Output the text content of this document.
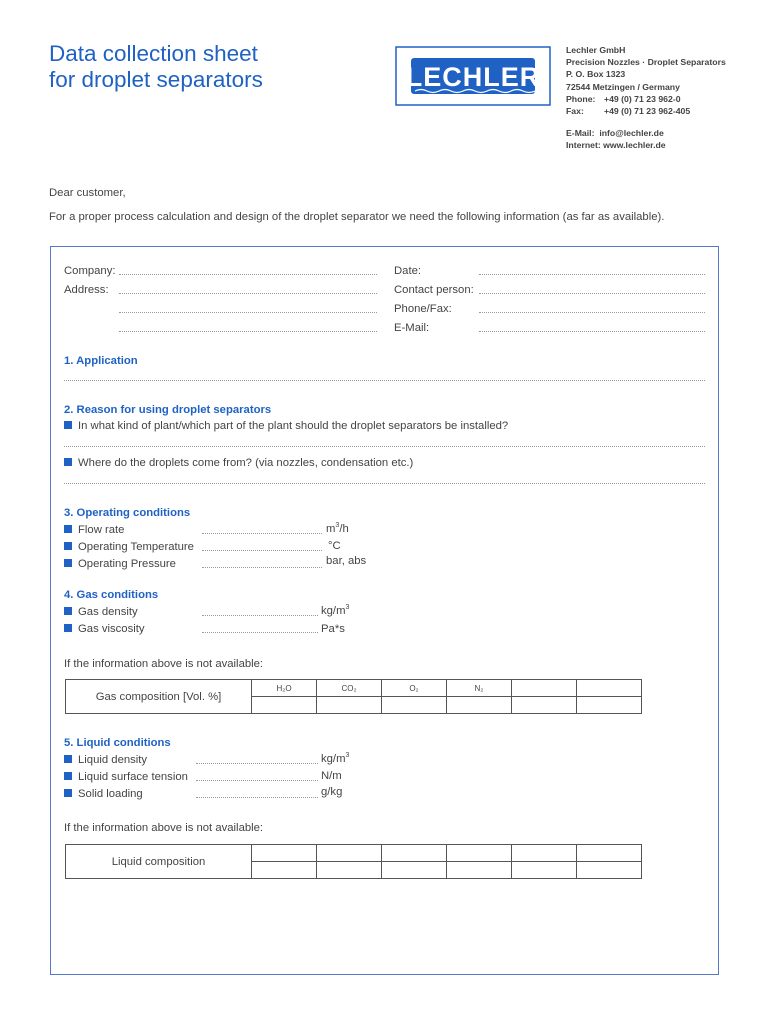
Data collection sheet
for droplet separators	LECHLER
Lechler GmbH
Precision Nozzles · Droplet Separators
P. O. Box 1323
72544 Metzingen / Germany
Phone: +49 (0) 71 23 962-0
Fax: +49 (0) 71 23 962-405
E-Mail: info@lechler.de
Internet: www.lechler.de
Dear customer,
For a proper process calculation and design of the droplet separator we need the following information (as far as available).
Company:
Address:
Date:
Contact person:
Phone/Fax:
E-Mail:
1. Application
2. Reason for using droplet separators
In what kind of plant/which part of the plant should the droplet separators be installed?
Where do the droplets come from? (via nozzles, condensation etc.)
3. Operating conditions
Flow rate	$m^3/h$
Operating Temperature	°C
Operating Pressure	bar, abs
4. Gas conditions
Gas density	$kg/m^3$
Gas viscosity	Pa*s
If the information above is not available:
Gas composition [Vol. %]	H₂O	CO₂	O₂	N₂		

5. Liquid conditions
Liquid density	$kg/m^3$
Liquid surface tension	N/m
Solid loading	g/kg
If the information above is not available:
Liquid composition						
